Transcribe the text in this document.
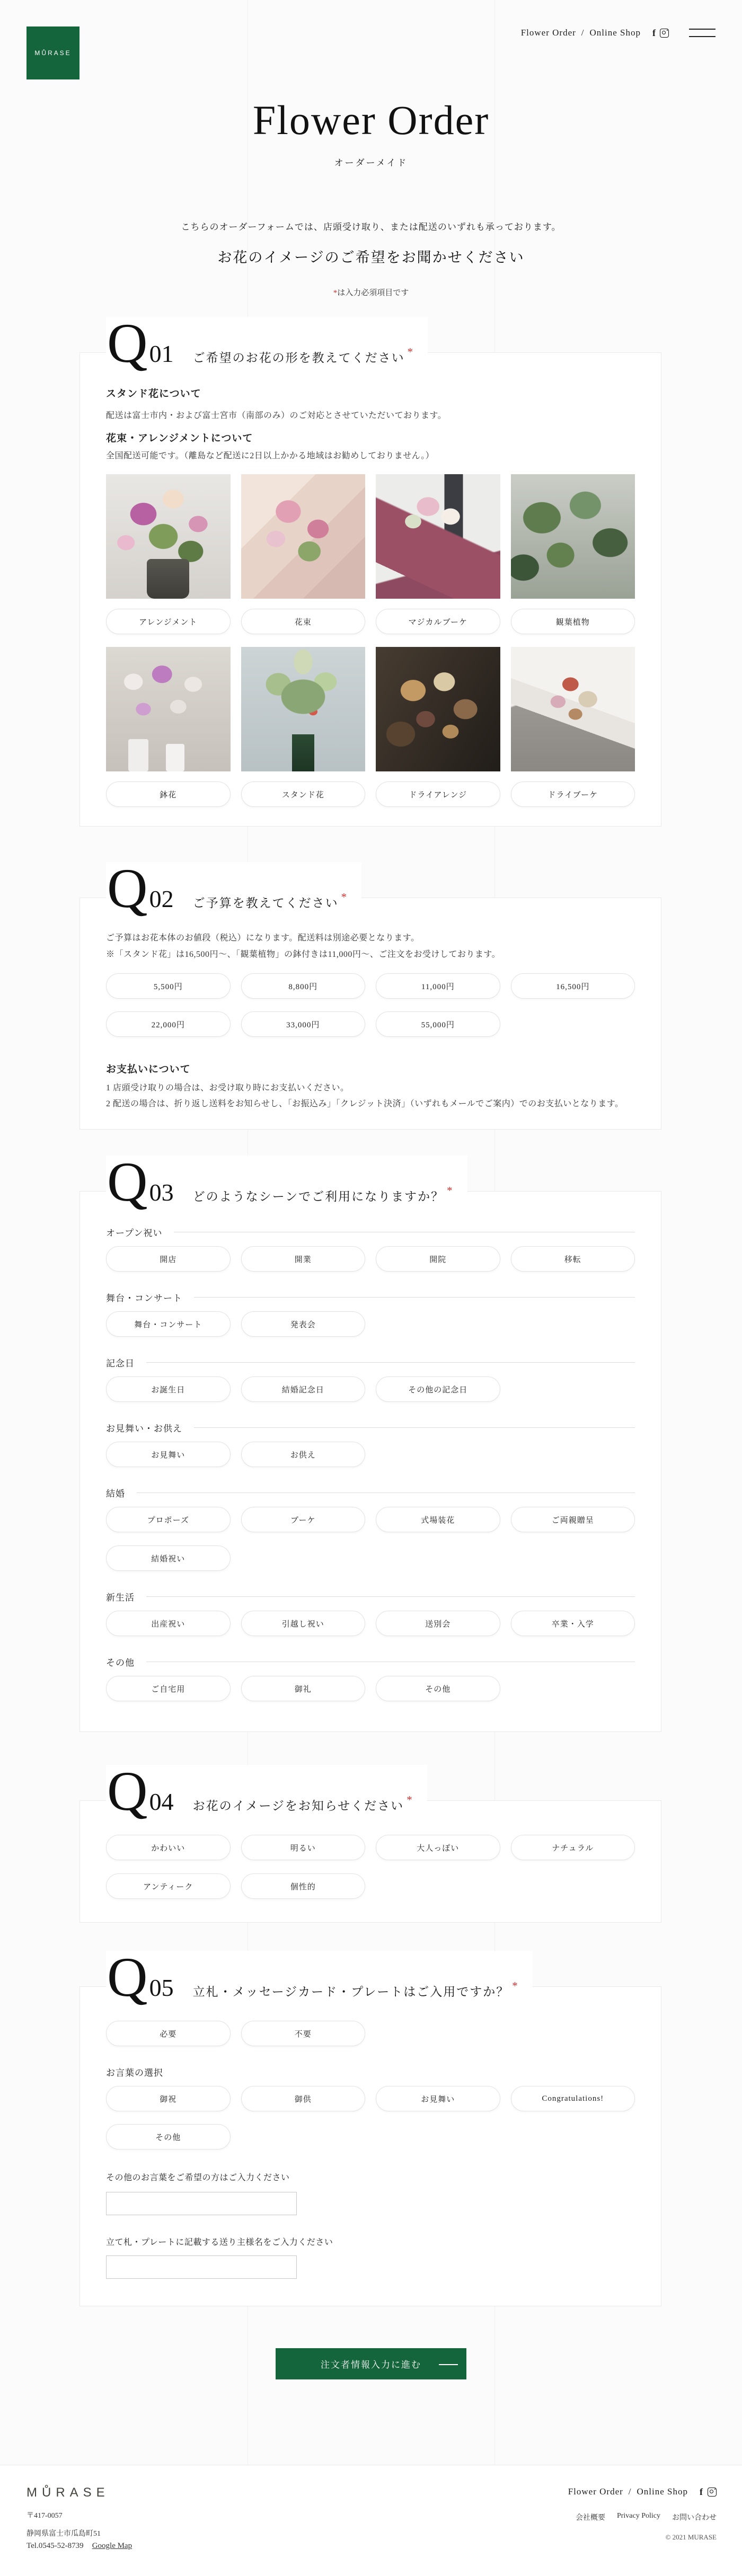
MŮRASE
Flower Order / Online Shop
f
Flower Order
オーダーメイド
こちらのオーダーフォームでは、店頭受け取り、または配送のいずれも承っております。
お花のイメージのご希望をお聞かせください
*は入力必須項目です
Q 01 ご希望のお花の形を教えてください *
スタンド花について

配送は富士市内・および富士宮市（南部のみ）のご対応とさせていただいております。

花束・アレンジメントについて

全国配送可能です。（離島など配送に2日以上かかる地域はお勧めしておりません。）

アレンジメント	花束	マジカルブーケ	観葉植物
鉢花	スタンド花	ドライアレンジ	ドライブーケ
Q 02 ご予算を教えてください *

ご予算はお花本体のお値段（税込）になります。配送料は別途必要となります。

※「スタンド花」は16,500円〜、「観葉植物」の鉢付きは11,000円〜、ご注文をお受けしております。

5,500円	8,800円	11,000円	16,500円
22,000円	33,000円	55,000円
お支払いについて

1 店頭受け取りの場合は、お受け取り時にお支払いください。

2 配送の場合は、折り返し送料をお知らせし、「お振込み」「クレジット決済」（いずれもメールでご案内）でのお支払いとなります。

Q 03 どのようなシーンでご利用になりますか？ *
オープン祝い
開店	開業	開院	移転
舞台・コンサート
舞台・コンサート	発表会
記念日
お誕生日	結婚記念日	その他の記念日
お見舞い・お供え
お見舞い	お供え
結婚
プロポーズ	ブーケ	式場装花	ご両親贈呈
結婚祝い
新生活
出産祝い	引越し祝い	送別会	卒業・入学
その他
ご自宅用	御礼	その他
Q 04 お花のイメージをお知らせください *
かわいい	明るい	大人っぽい	ナチュラル
アンティーク	個性的
Q 05 立札・メッセージカード・プレートはご入用ですか？ *
必要	不要
お言葉の選択
御祝	御供	お見舞い	Congratulations!
その他
その他のお言葉をご希望の方はご入力ください
立て札・プレートに記載する送り主様名をご入力ください
注文者情報入力に進む
MŮRASE
〒417-0057
静岡県富士市瓜島町51
Tel.0545-52-8739 Google Map
Flower Order / Online Shop
f
会社概要 Privacy Policy お問い合わせ
© 2021 MURASE
